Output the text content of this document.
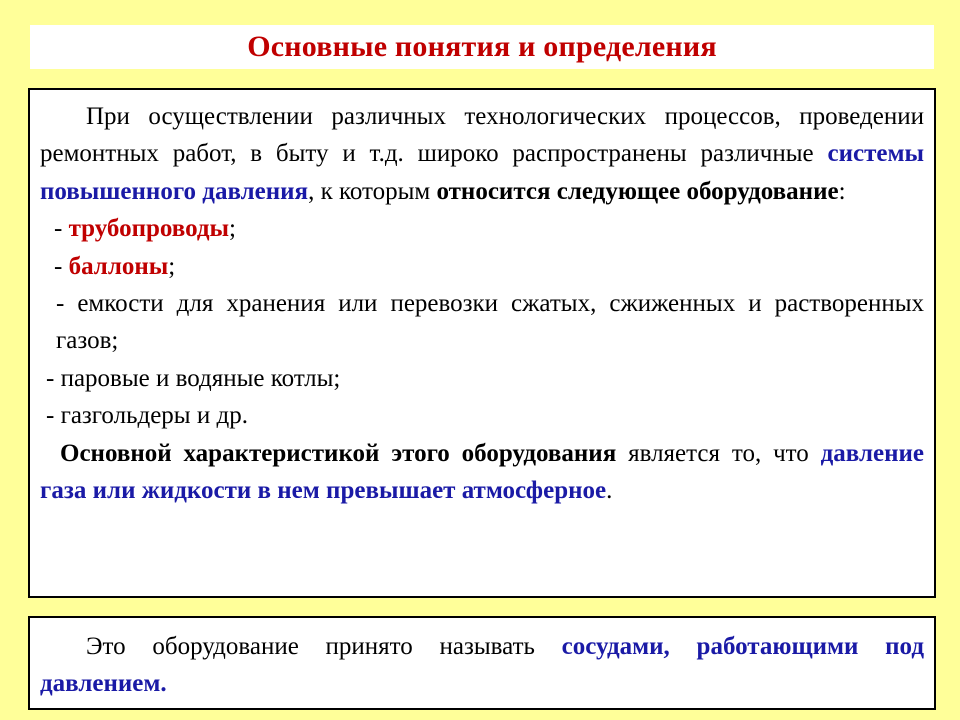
Основные понятия и определения

При осуществлении различных технологических процессов, проведении ремонтных работ, в быту и т.д. широко распространены различные системы повышенного давления, к которым относится следующее оборудование:

- трубопроводы;

- баллоны;

- емкости для хранения или перевозки сжатых, сжиженных и растворенных газов;

- паровые и водяные котлы;

- газгольдеры и др.

Основной характеристикой этого оборудования является то, что давление газа или жидкости в нем превышает атмосферное.

Это оборудование принято называть сосудами, работающими под давлением.
